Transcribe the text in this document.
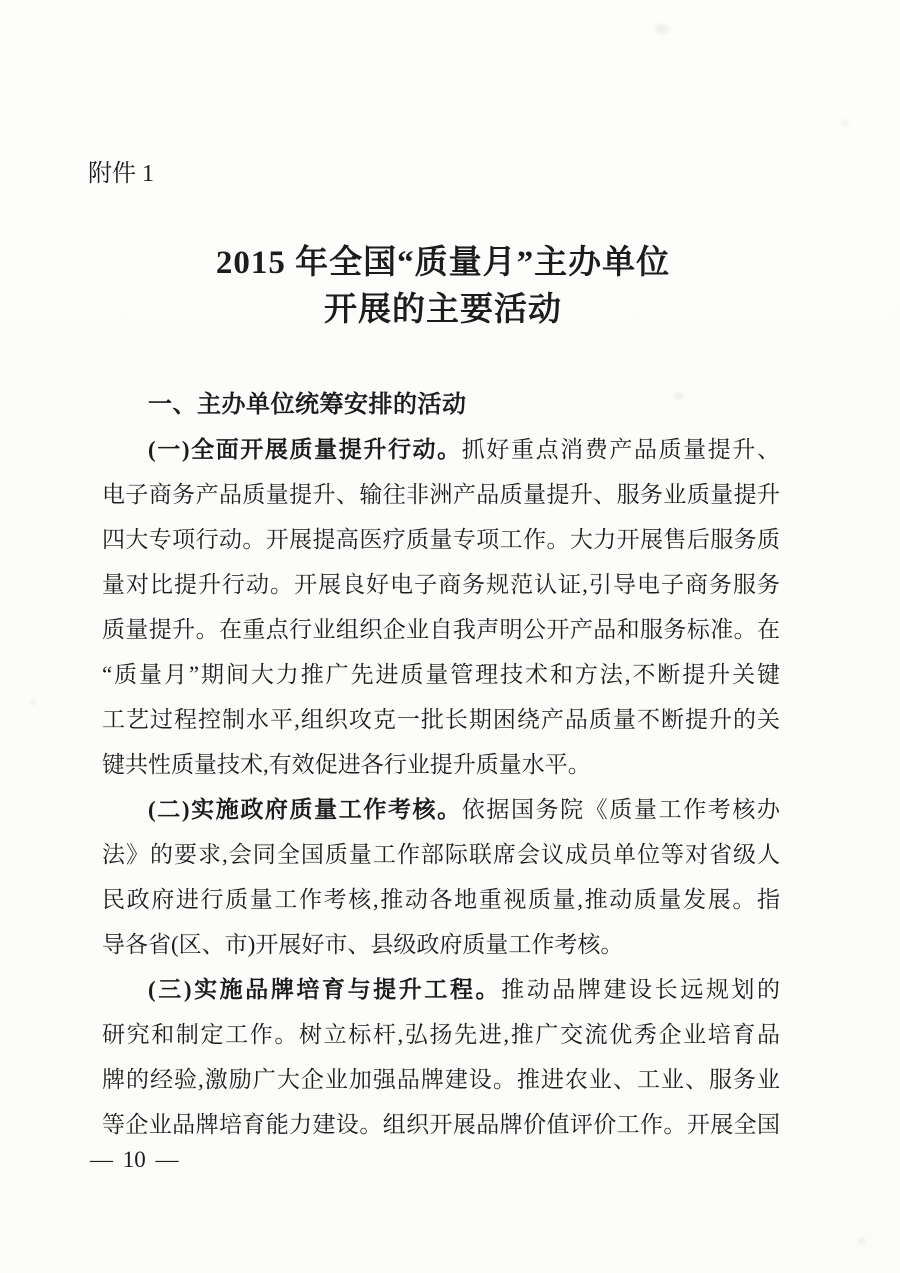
附件 1
2015 年全国“质量月”主办单位
开展的主要活动
一、主办单位统筹安排的活动
(一)全面开展质量提升行动。抓好重点消费产品质量提升、
电子商务产品质量提升、输往非洲产品质量提升、服务业质量提升
四大专项行动。开展提高医疗质量专项工作。大力开展售后服务质
量对比提升行动。开展良好电子商务规范认证,引导电子商务服务
质量提升。在重点行业组织企业自我声明公开产品和服务标准。在
“质量月”期间大力推广先进质量管理技术和方法,不断提升关键
工艺过程控制水平,组织攻克一批长期困绕产品质量不断提升的关
键共性质量技术,有效促进各行业提升质量水平。
(二)实施政府质量工作考核。依据国务院《质量工作考核办
法》的要求,会同全国质量工作部际联席会议成员单位等对省级人
民政府进行质量工作考核,推动各地重视质量,推动质量发展。指
导各省(区、市)开展好市、县级政府质量工作考核。
(三)实施品牌培育与提升工程。推动品牌建设长远规划的
研究和制定工作。树立标杆,弘扬先进,推广交流优秀企业培育品
牌的经验,激励广大企业加强品牌建设。推进农业、工业、服务业
等企业品牌培育能力建设。组织开展品牌价值评价工作。开展全国
— 10 —
